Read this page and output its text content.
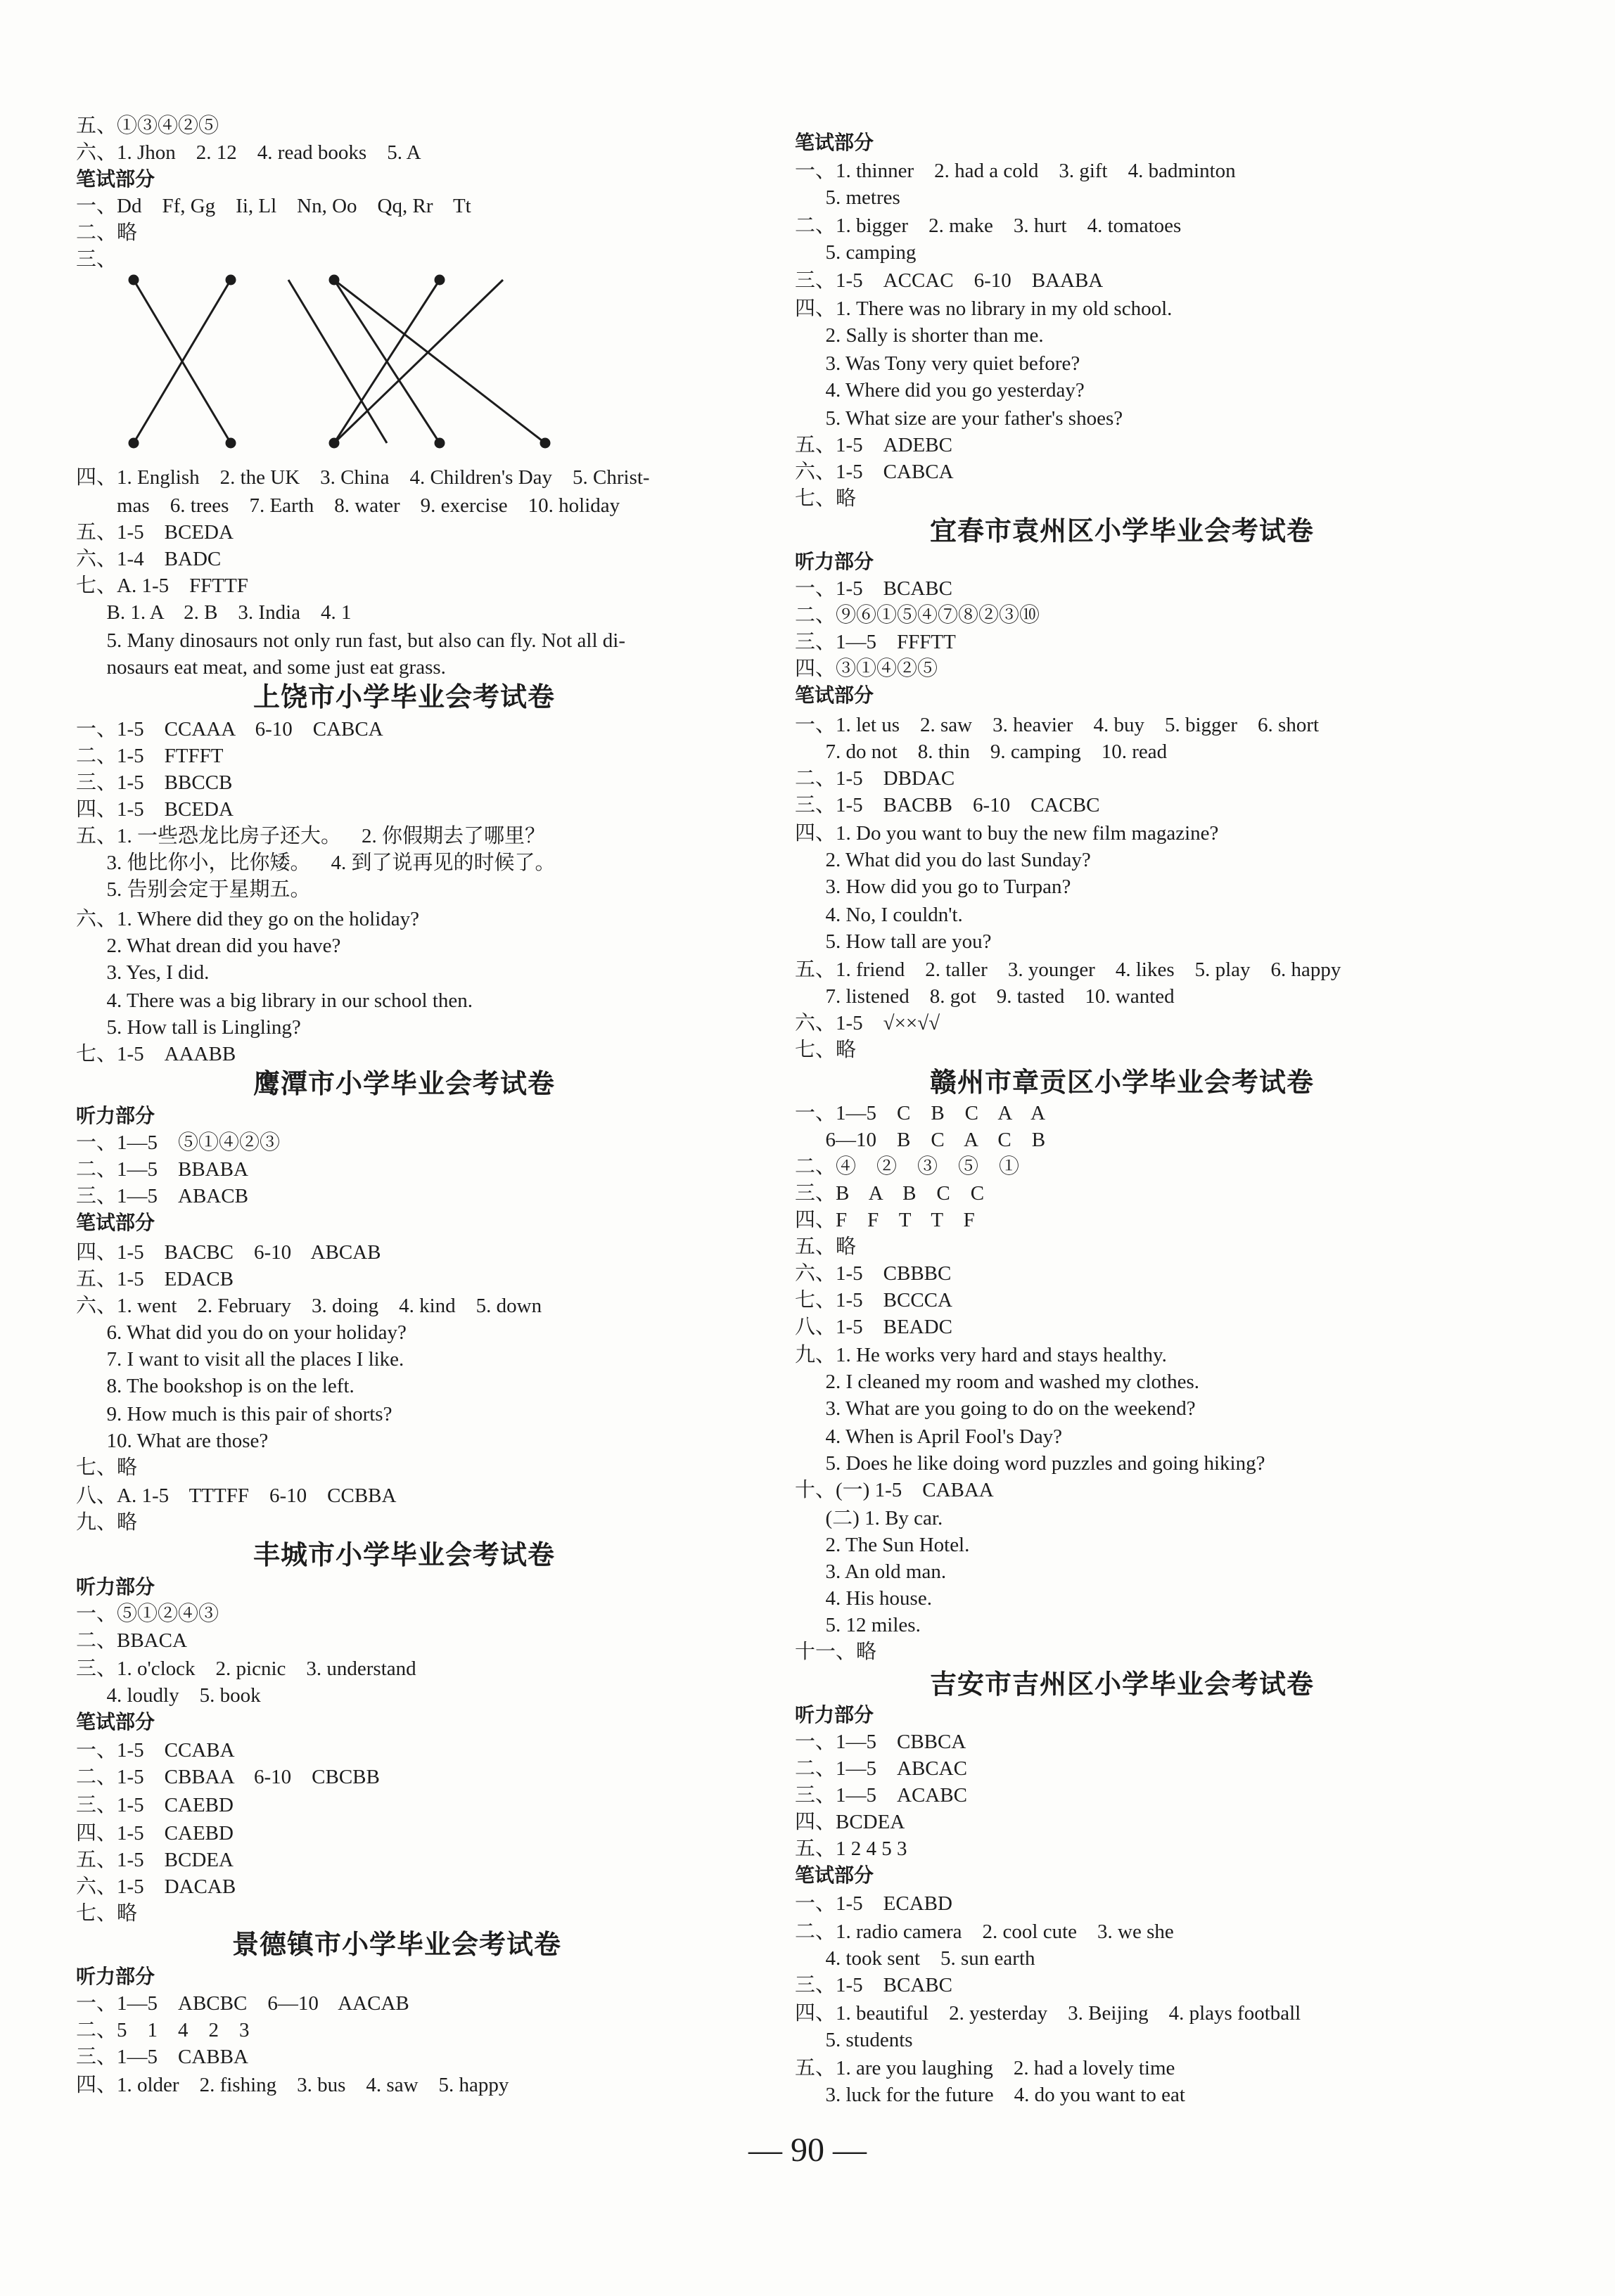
五、①③④②⑤
六、1. Jhon    2. 12    4. read books    5. A
笔试部分
一、Dd    Ff, Gg    Ii, Ll    Nn, Oo    Qq, Rr    Tt
二、略
三、
四、1. English    2. the UK    3. China    4. Children's Day    5. Christ-
mas    6. trees    7. Earth    8. water    9. exercise    10. holiday
五、1-5    BCEDA
六、1-4    BADC
七、A. 1-5    FFTTF
B. 1. A    2. B    3. India    4. 1
5. Many dinosaurs not only run fast, but also can fly. Not all di-
nosaurs eat meat, and some just eat grass.
上饶市小学毕业会考试卷
一、1-5    CCAAA    6-10    CABCA
二、1-5    FTFFT
三、1-5    BBCCB
四、1-5    BCEDA
五、1. 一些恐龙比房子还大。    2. 你假期去了哪里？
3. 他比你小，比你矮。    4. 到了说再见的时候了。
5. 告别会定于星期五。
六、1. Where did they go on the holiday?
2. What drean did you have?
3. Yes, I did.
4. There was a big library in our school then.
5. How tall is Lingling?
七、1-5    AAABB
鹰潭市小学毕业会考试卷
听力部分
一、1—5    ⑤①④②③
二、1—5    BBABA
三、1—5    ABACB
笔试部分
四、1-5    BACBC    6-10    ABCAB
五、1-5    EDACB
六、1. went    2. February    3. doing    4. kind    5. down
6. What did you do on your holiday?
7. I want to visit all the places I like.
8. The bookshop is on the left.
9. How much is this pair of shorts?
10. What are those?
七、略
八、A. 1-5    TTTFF    6-10    CCBBA
九、略
丰城市小学毕业会考试卷
听力部分
一、⑤①②④③
二、BBACA
三、1. o'clock    2. picnic    3. understand
4. loudly    5. book
笔试部分
一、1-5    CCABA
二、1-5    CBBAA    6-10    CBCBB
三、1-5    CAEBD
四、1-5    CAEBD
五、1-5    BCDEA
六、1-5    DACAB
七、略
景德镇市小学毕业会考试卷
听力部分
一、1—5    ABCBC    6—10    AACAB
二、5    1    4    2    3
三、1—5    CABBA
四、1. older    2. fishing    3. bus    4. saw    5. happy
笔试部分
一、1. thinner    2. had a cold    3. gift    4. badminton
5. metres
二、1. bigger    2. make    3. hurt    4. tomatoes
5. camping
三、1-5    ACCAC    6-10    BAABA
四、1. There was no library in my old school.
2. Sally is shorter than me.
3. Was Tony very quiet before?
4. Where did you go yesterday?
5. What size are your father's shoes?
五、1-5    ADEBC
六、1-5    CABCA
七、略
宜春市袁州区小学毕业会考试卷
听力部分
一、1-5    BCABC
二、⑨⑥①⑤④⑦⑧②③⑩
三、1—5    FFFTT
四、③①④②⑤
笔试部分
一、1. let us    2. saw    3. heavier    4. buy    5. bigger    6. short
7. do not    8. thin    9. camping    10. read
二、1-5    DBDAC
三、1-5    BACBB    6-10    CACBC
四、1. Do you want to buy the new film magazine?
2. What did you do last Sunday?
3. How did you go to Turpan?
4. No, I couldn't.
5. How tall are you?
五、1. friend    2. taller    3. younger    4. likes    5. play    6. happy
7. listened    8. got    9. tasted    10. wanted
六、1-5    √××√√
七、略
赣州市章贡区小学毕业会考试卷
一、1—5    C    B    C    A    A
6—10    B    C    A    C    B
二、④    ②    ③    ⑤    ①
三、B    A    B    C    C
四、F    F    T    T    F
五、略
六、1-5    CBBBC
七、1-5    BCCCA
八、1-5    BEADC
九、1. He works very hard and stays healthy.
2. I cleaned my room and washed my clothes.
3. What are you going to do on the weekend?
4. When is April Fool's Day?
5. Does he like doing word puzzles and going hiking?
十、(一) 1-5    CABAA
(二) 1. By car.
2. The Sun Hotel.
3. An old man.
4. His house.
5. 12 miles.
十一、略
吉安市吉州区小学毕业会考试卷
听力部分
一、1—5    CBBCA
二、1—5    ABCAC
三、1—5    ACABC
四、BCDEA
五、1 2 4 5 3
笔试部分
一、1-5    ECABD
二、1. radio camera    2. cool cute    3. we she
4. took sent    5. sun earth
三、1-5    BCABC
四、1. beautiful    2. yesterday    3. Beijing    4. plays football
5. students
五、1. are you laughing    2. had a lovely time
3. luck for the future    4. do you want to eat
— 90 —
